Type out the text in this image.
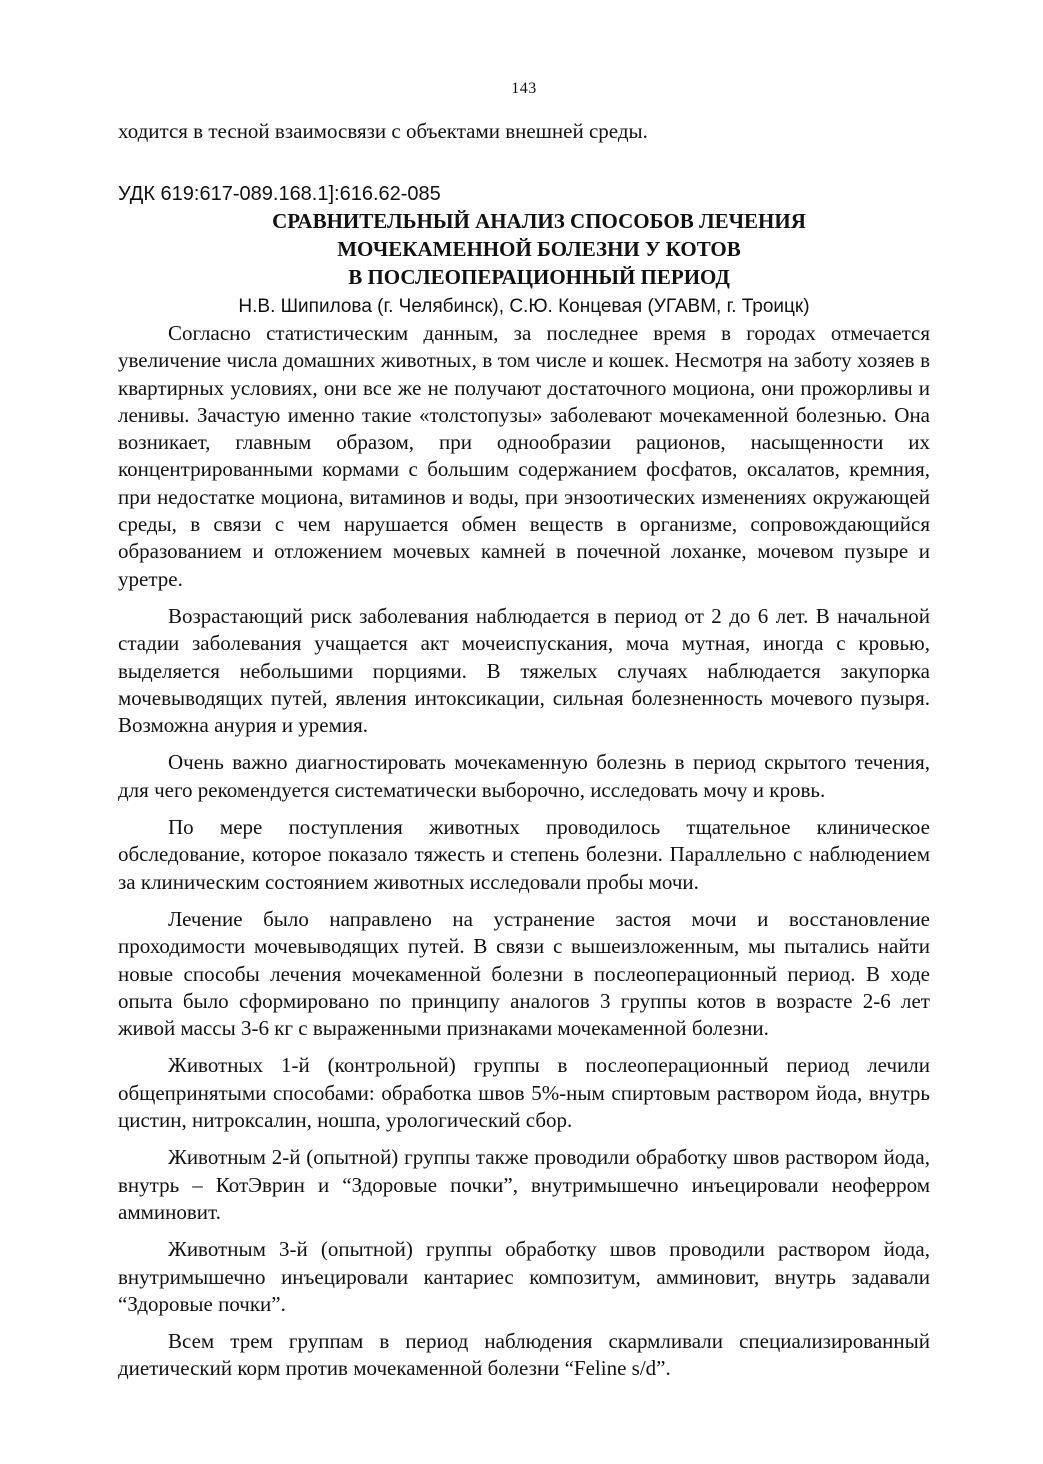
143

ходится в тесной взаимосвязи с объектами внешней среды.

УДК 619:617-089.168.1]:616.62-085

СРАВНИТЕЛЬНЫЙ АНАЛИЗ СПОСОБОВ ЛЕЧЕНИЯ
МОЧЕКАМЕННОЙ БОЛЕЗНИ У КОТОВ
В ПОСЛЕОПЕРАЦИОННЫЙ ПЕРИОД

Н.В. Шипилова (г. Челябинск), С.Ю. Концевая (УГАВМ, г. Троицк)

Согласно статистическим данным, за последнее время в городах отмечается увеличение числа домашних животных, в том числе и кошек. Несмотря на заботу хозяев в квартирных условиях, они все же не получают достаточного моциона, они прожорливы и ленивы. Зачастую именно такие «толстопузы» заболевают мочекаменной болезнью. Она возникает, главным образом, при однообразии рационов, насыщенности их концентрированными кормами с большим содержанием фосфатов, оксалатов, кремния, при недостатке моциона, витаминов и воды, при энзоотических изменениях окружающей среды, в связи с чем нарушается обмен веществ в организме, сопровождающийся образованием и отложением мочевых камней в почечной лоханке, мочевом пузыре и уретре.

Возрастающий риск заболевания наблюдается в период от 2 до 6 лет. В начальной стадии заболевания учащается акт мочеиспускания, моча мутная, иногда с кровью, выделяется небольшими порциями. В тяжелых случаях наблюдается закупорка мочевыводящих путей, явления интоксикации, сильная болезненность мочевого пузыря. Возможна анурия и уремия.

Очень важно диагностировать мочекаменную болезнь в период скрытого течения, для чего рекомендуется систематически выборочно, исследовать мочу и кровь.

По мере поступления животных проводилось тщательное клиническое обследование, которое показало тяжесть и степень болезни. Параллельно с наблюдением за клиническим состоянием животных исследовали пробы мочи.

Лечение было направлено на устранение застоя мочи и восстановление проходимости мочевыводящих путей. В связи с вышеизложенным, мы пытались найти новые способы лечения мочекаменной болезни в послеоперационный период. В ходе опыта было сформировано по принципу аналогов 3 группы котов в возрасте 2-6 лет живой массы 3-6 кг с выраженными признаками мочекаменной болезни.

Животных 1-й (контрольной) группы в послеоперационный период лечили общепринятыми способами: обработка швов 5%-ным спиртовым раствором йода, внутрь цистин, нитроксалин, ношпа, урологический сбор.

Животным 2-й (опытной) группы также проводили обработку швов раствором йода, внутрь – КотЭврин и “Здоровые почки”, внутримышечно инъецировали неоферром амминовит.

Животным 3-й (опытной) группы обработку швов проводили раствором йода, внутримышечно инъецировали кантариес композитум, амминовит, внутрь задавали “Здоровые почки”.

Всем трем группам в период наблюдения скармливали специализированный диетический корм против мочекаменной болезни “Feline s/d”.
